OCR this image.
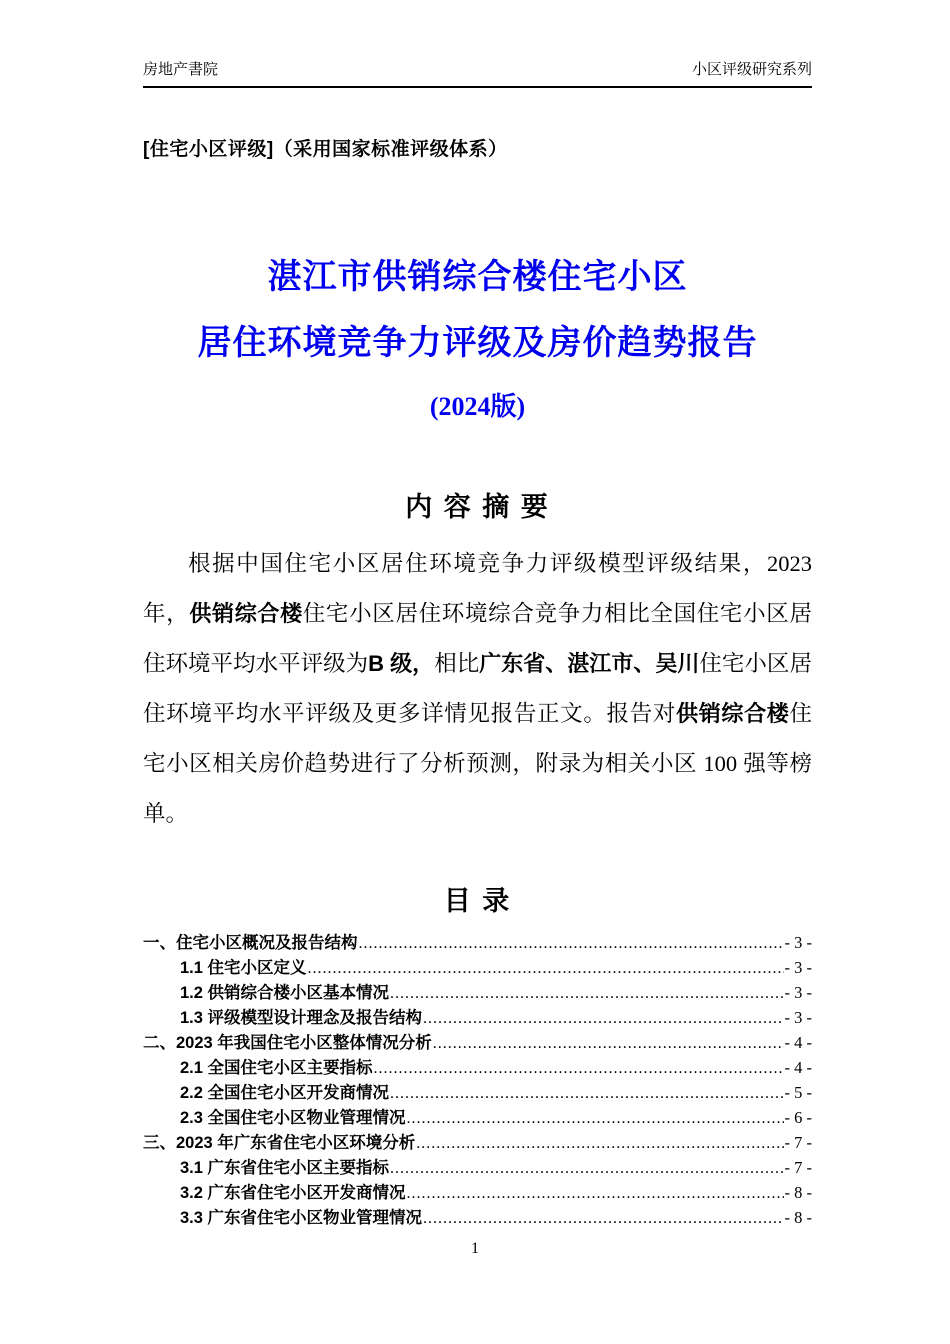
房地产書院	小区评级研究系列
[住宅小区评级]（采用国家标准评级体系）
湛江市供销综合楼住宅小区
居住环境竞争力评级及房价趋势报告
(2024版)
内 容 摘 要

根据中国住宅小区居住环境竞争力评级模型评级结果，2023 年，供销综合楼住宅小区居住环境综合竞争力相比全国住宅小区居住环境平均水平评级为B 级，相比广东省、湛江市、吴川住宅小区居住环境平均水平评级及更多详情见报告正文。报告对供销综合楼住宅小区相关房价趋势进行了分析预测，附录为相关小区 100 强等榜单。

目 录
一、住宅小区概况及报告结构 .....	- 3 -
1.1 住宅小区定义 .....	- 3 -
1.2 供销综合楼小区基本情况 .....	- 3 -
1.3 评级模型设计理念及报告结构 .....	- 3 -
二、2023 年我国住宅小区整体情况分析 .....	- 4 -
2.1 全国住宅小区主要指标 .....	- 4 -
2.2 全国住宅小区开发商情况 .....	- 5 -
2.3 全国住宅小区物业管理情况 .....	- 6 -
三、2023 年广东省住宅小区环境分析 .....	- 7 -
3.1 广东省住宅小区主要指标 .....	- 7 -
3.2 广东省住宅小区开发商情况 .....	- 8 -
3.3 广东省住宅小区物业管理情况 .....	- 8 -
1
